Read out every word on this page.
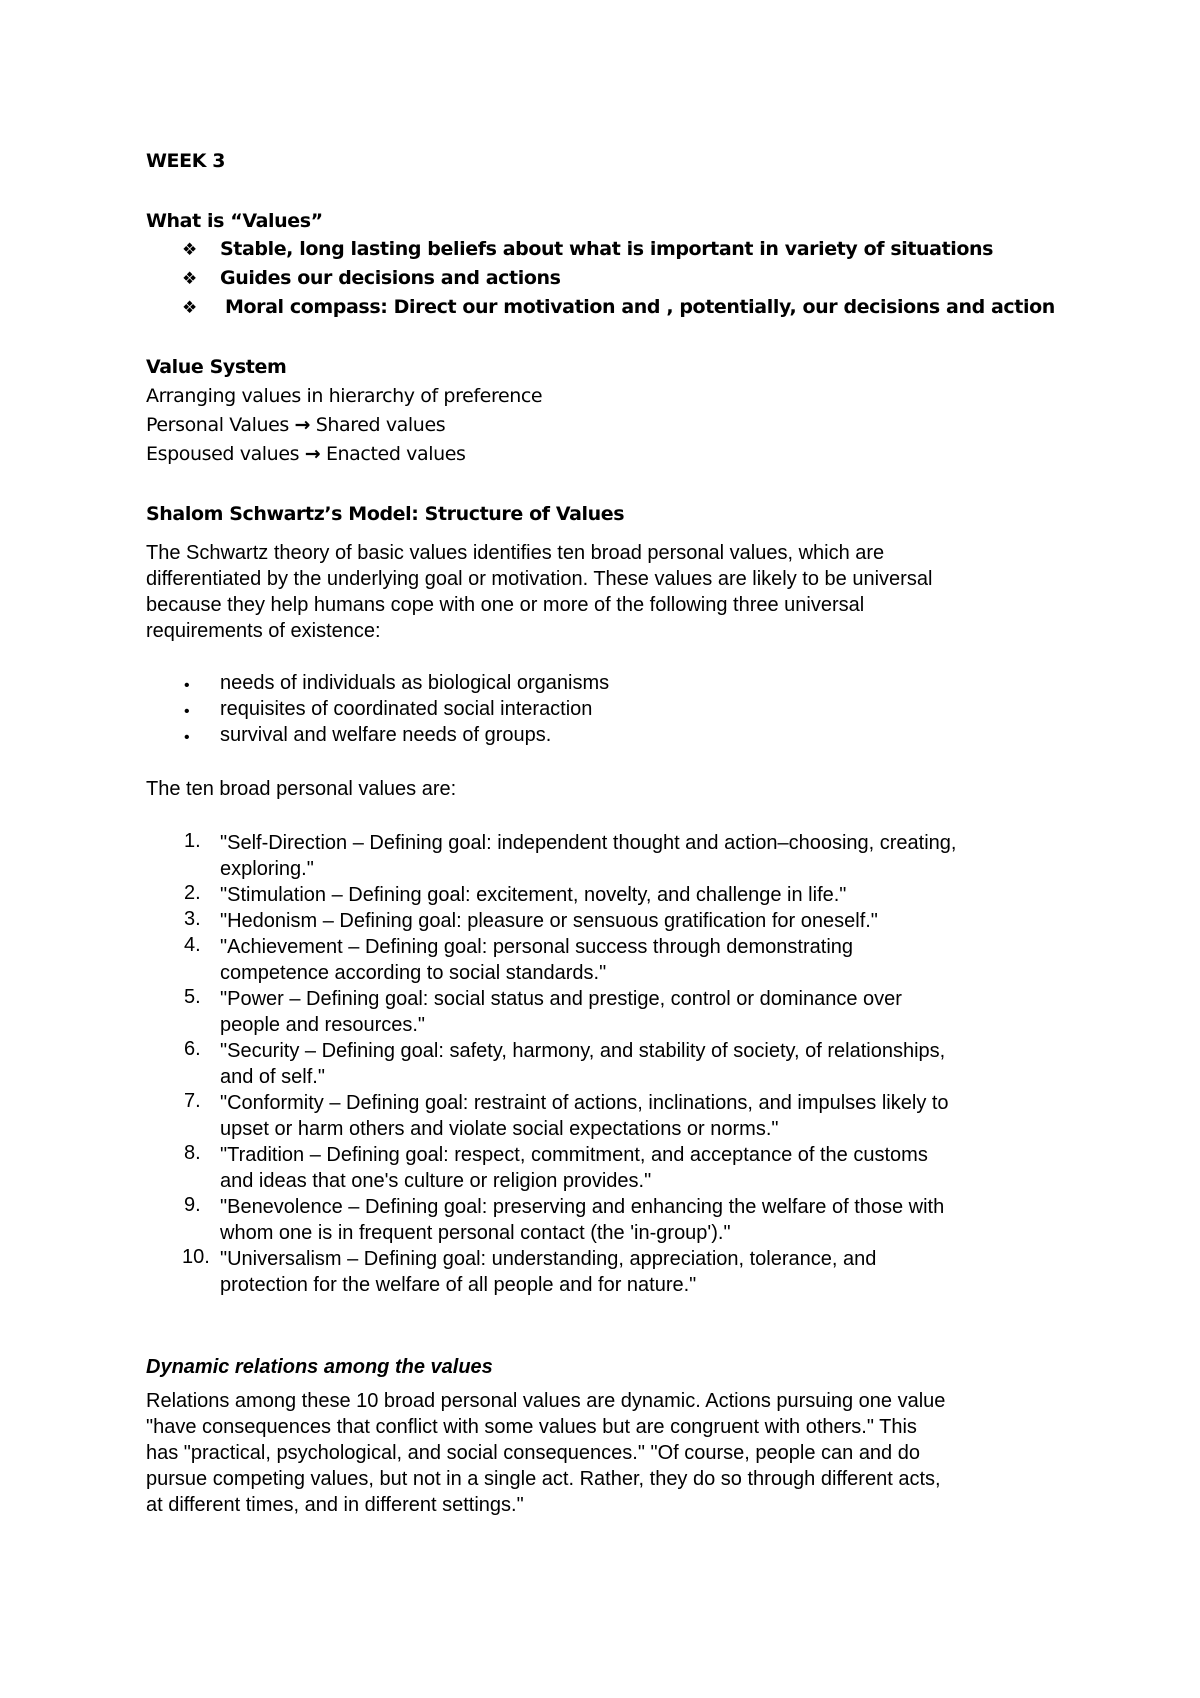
WEEK 3
What is “Values”
❖ Stable, long lasting beliefs about what is important in variety of situations
❖ Guides our decisions and actions
❖ Moral compass: Direct our motivation and , potentially, our decisions and action
Value System
Arranging values in hierarchy of preference
Personal Values → Shared values
Espoused values → Enacted values
Shalom Schwartz’s Model: Structure of Values
The Schwartz theory of basic values identifies ten broad personal values, which are
differentiated by the underlying goal or motivation. These values are likely to be universal
because they help humans cope with one or more of the following three universal
requirements of existence:
• needs of individuals as biological organisms
• requisites of coordinated social interaction
• survival and welfare needs of groups.
The ten broad personal values are:
1. "Self-Direction – Defining goal: independent thought and action–choosing, creating,
exploring."
2. "Stimulation – Defining goal: excitement, novelty, and challenge in life."
3. "Hedonism – Defining goal: pleasure or sensuous gratification for oneself."
4. "Achievement – Defining goal: personal success through demonstrating
competence according to social standards."
5. "Power – Defining goal: social status and prestige, control or dominance over
people and resources."
6. "Security – Defining goal: safety, harmony, and stability of society, of relationships,
and of self."
7. "Conformity – Defining goal: restraint of actions, inclinations, and impulses likely to
upset or harm others and violate social expectations or norms."
8. "Tradition – Defining goal: respect, commitment, and acceptance of the customs
and ideas that one's culture or religion provides."
9. "Benevolence – Defining goal: preserving and enhancing the welfare of those with
whom one is in frequent personal contact (the 'in-group')."
10. "Universalism – Defining goal: understanding, appreciation, tolerance, and
protection for the welfare of all people and for nature."
Dynamic relations among the values
Relations among these 10 broad personal values are dynamic. Actions pursuing one value
"have consequences that conflict with some values but are congruent with others." This
has "practical, psychological, and social consequences." "Of course, people can and do
pursue competing values, but not in a single act. Rather, they do so through different acts,
at different times, and in different settings."
